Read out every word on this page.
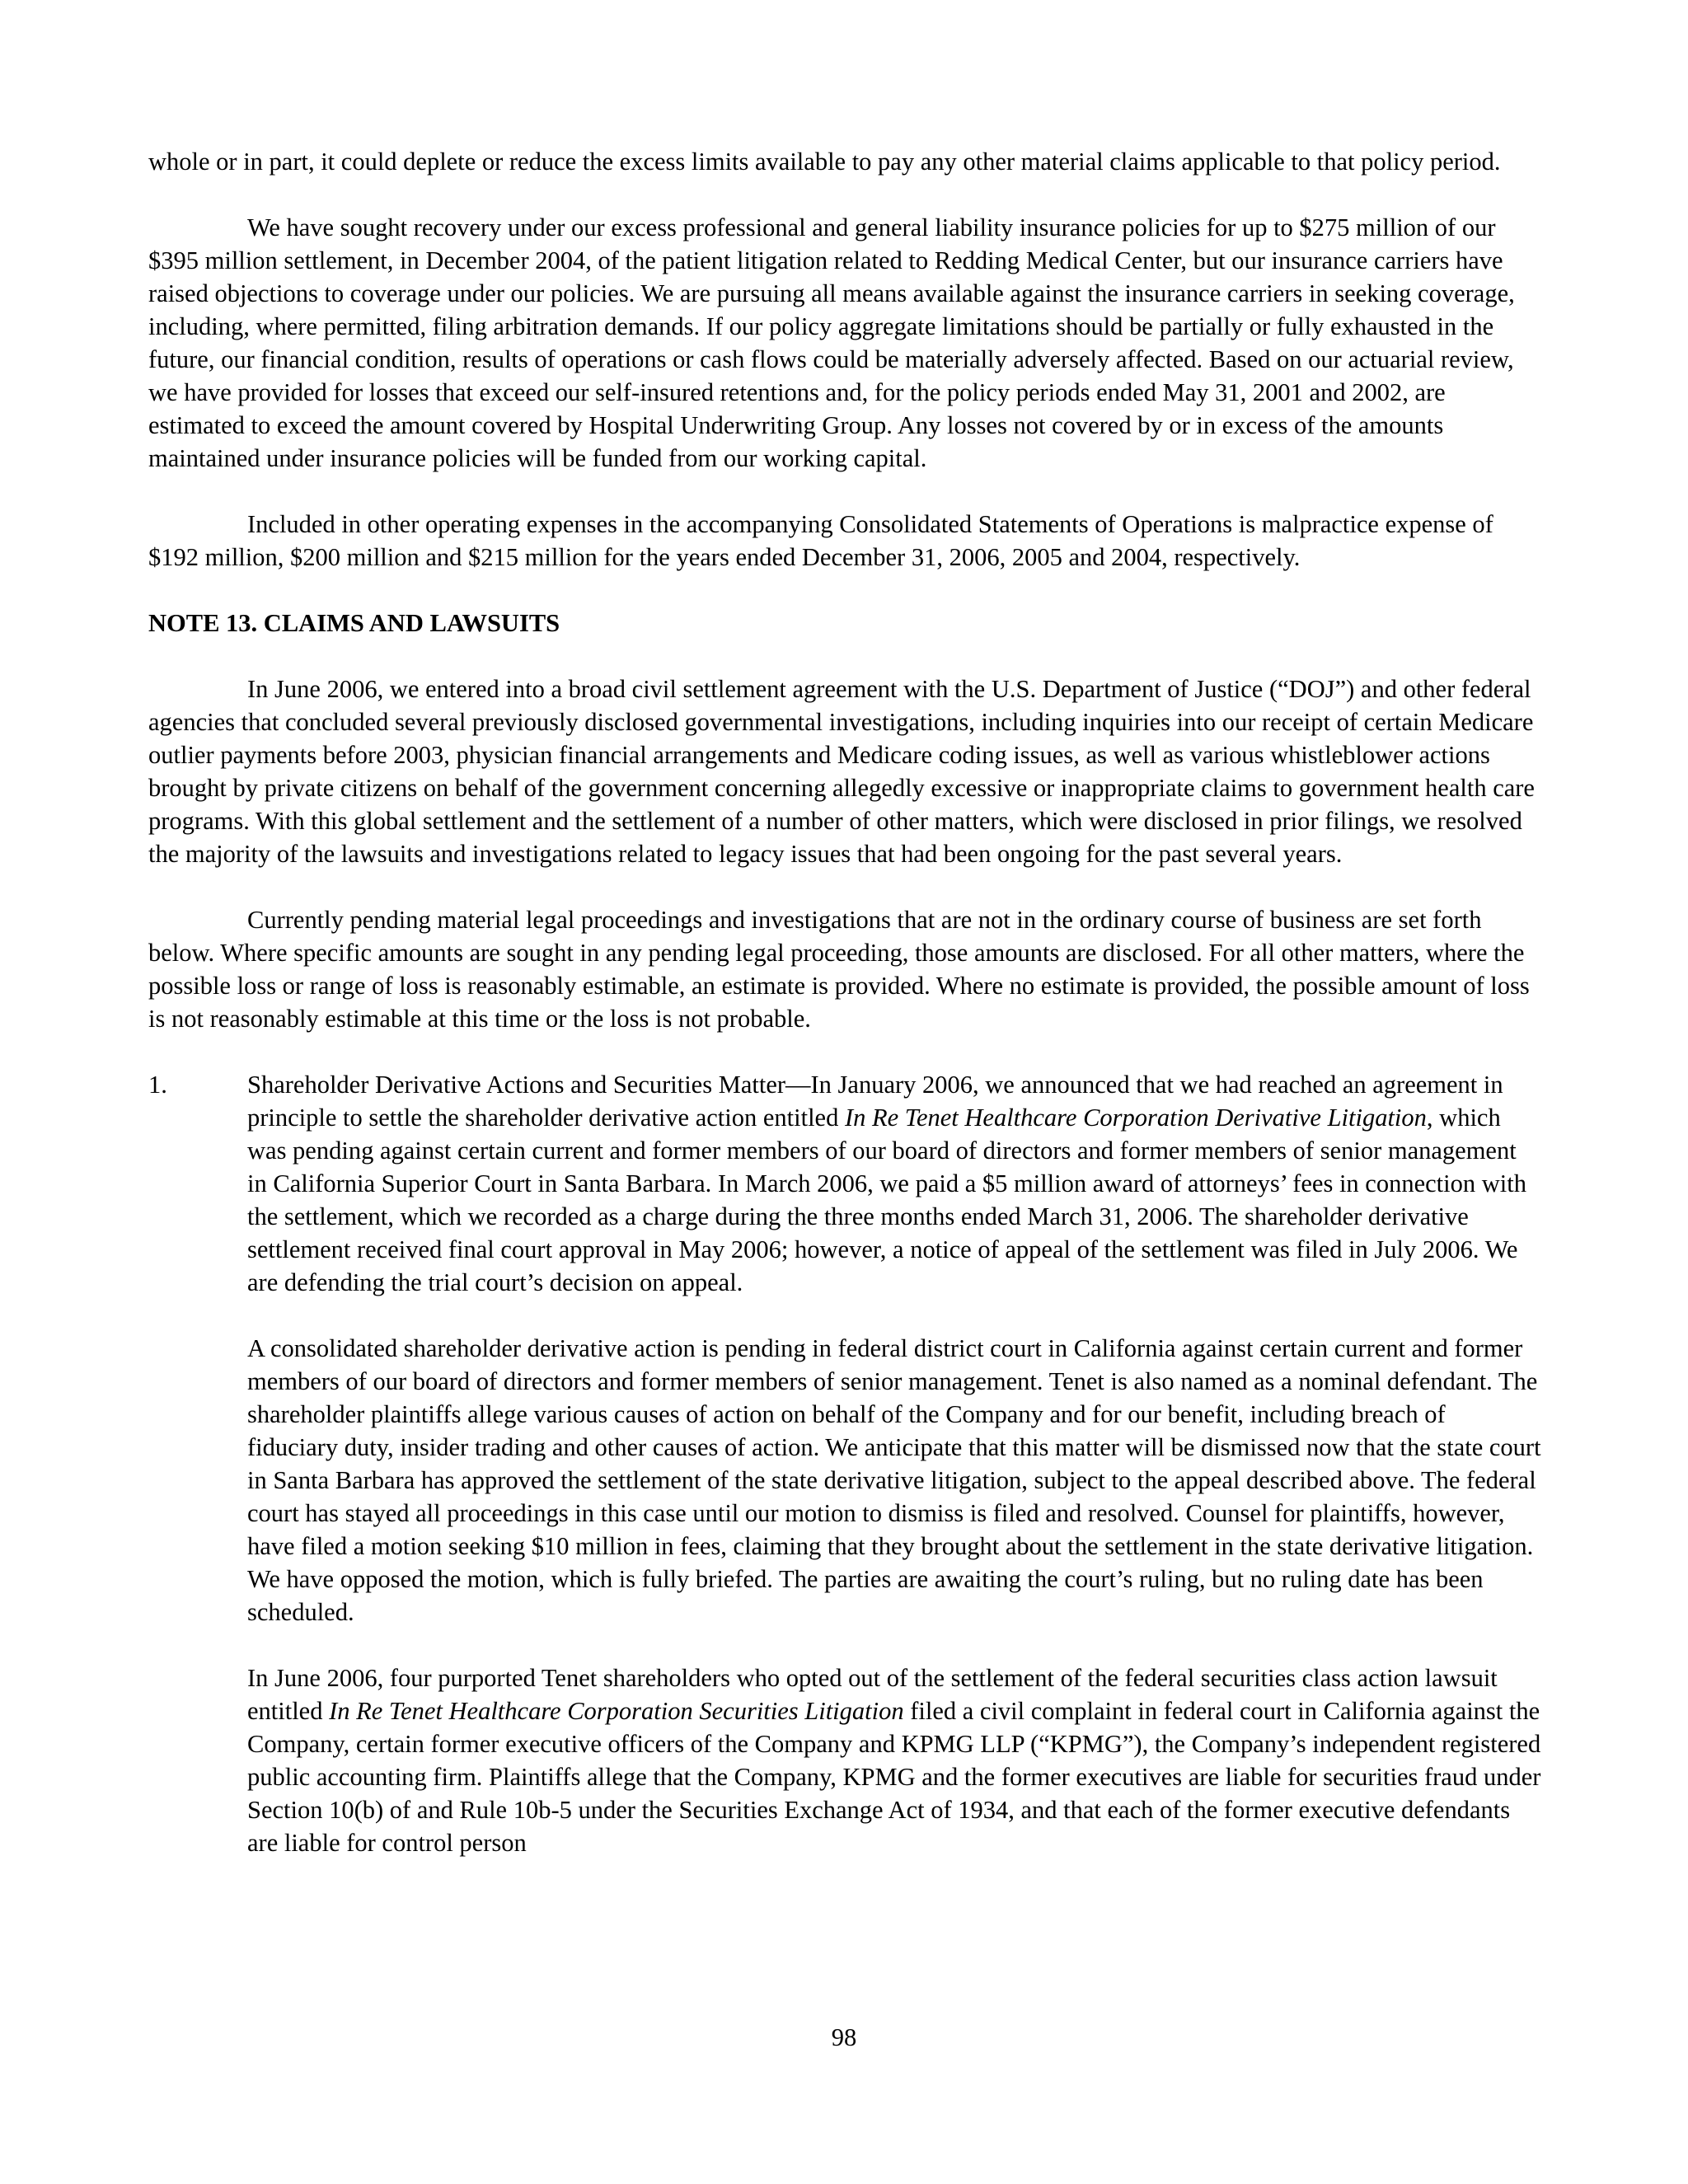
whole or in part, it could deplete or reduce the excess limits available to pay any other material claims applicable to that policy period.

We have sought recovery under our excess professional and general liability insurance policies for up to $275 million of our $395 million settlement, in December 2004, of the patient litigation related to Redding Medical Center, but our insurance carriers have raised objections to coverage under our policies. We are pursuing all means available against the insurance carriers in seeking coverage, including, where permitted, filing arbitration demands. If our policy aggregate limitations should be partially or fully exhausted in the future, our financial condition, results of operations or cash flows could be materially adversely affected. Based on our actuarial review, we have provided for losses that exceed our self-insured retentions and, for the policy periods ended May 31, 2001 and 2002, are estimated to exceed the amount covered by Hospital Underwriting Group. Any losses not covered by or in excess of the amounts maintained under insurance policies will be funded from our working capital.

Included in other operating expenses in the accompanying Consolidated Statements of Operations is malpractice expense of $192 million, $200 million and $215 million for the years ended December 31, 2006, 2005 and 2004, respectively.

NOTE 13. CLAIMS AND LAWSUITS

In June 2006, we entered into a broad civil settlement agreement with the U.S. Department of Justice (“DOJ”) and other federal agencies that concluded several previously disclosed governmental investigations, including inquiries into our receipt of certain Medicare outlier payments before 2003, physician financial arrangements and Medicare coding issues, as well as various whistleblower actions brought by private citizens on behalf of the government concerning allegedly excessive or inappropriate claims to government health care programs. With this global settlement and the settlement of a number of other matters, which were disclosed in prior filings, we resolved the majority of the lawsuits and investigations related to legacy issues that had been ongoing for the past several years.

Currently pending material legal proceedings and investigations that are not in the ordinary course of business are set forth below. Where specific amounts are sought in any pending legal proceeding, those amounts are disclosed. For all other matters, where the possible loss or range of loss is reasonably estimable, an estimate is provided. Where no estimate is provided, the possible amount of loss is not reasonably estimable at this time or the loss is not probable.

1.	Shareholder Derivative Actions and Securities Matter—In January 2006, we announced that we had reached an agreement in principle to settle the shareholder derivative action entitled In Re Tenet Healthcare Corporation Derivative Litigation, which was pending against certain current and former members of our board of directors and former members of senior management in California Superior Court in Santa Barbara. In March 2006, we paid a $5 million award of attorneys’ fees in connection with the settlement, which we recorded as a charge during the three months ended March 31, 2006. The shareholder derivative settlement received final court approval in May 2006; however, a notice of appeal of the settlement was filed in July 2006. We are defending the trial court’s decision on appeal.

A consolidated shareholder derivative action is pending in federal district court in California against certain current and former members of our board of directors and former members of senior management. Tenet is also named as a nominal defendant. The shareholder plaintiffs allege various causes of action on behalf of the Company and for our benefit, including breach of fiduciary duty, insider trading and other causes of action. We anticipate that this matter will be dismissed now that the state court in Santa Barbara has approved the settlement of the state derivative litigation, subject to the appeal described above. The federal court has stayed all proceedings in this case until our motion to dismiss is filed and resolved. Counsel for plaintiffs, however, have filed a motion seeking $10 million in fees, claiming that they brought about the settlement in the state derivative litigation. We have opposed the motion, which is fully briefed. The parties are awaiting the court’s ruling, but no ruling date has been scheduled.

In June 2006, four purported Tenet shareholders who opted out of the settlement of the federal securities class action lawsuit entitled In Re Tenet Healthcare Corporation Securities Litigation filed a civil complaint in federal court in California against the Company, certain former executive officers of the Company and KPMG LLP (“KPMG”), the Company’s independent registered public accounting firm. Plaintiffs allege that the Company, KPMG and the former executives are liable for securities fraud under Section 10(b) of and Rule 10b-5 under the Securities Exchange Act of 1934, and that each of the former executive defendants are liable for control person

98
